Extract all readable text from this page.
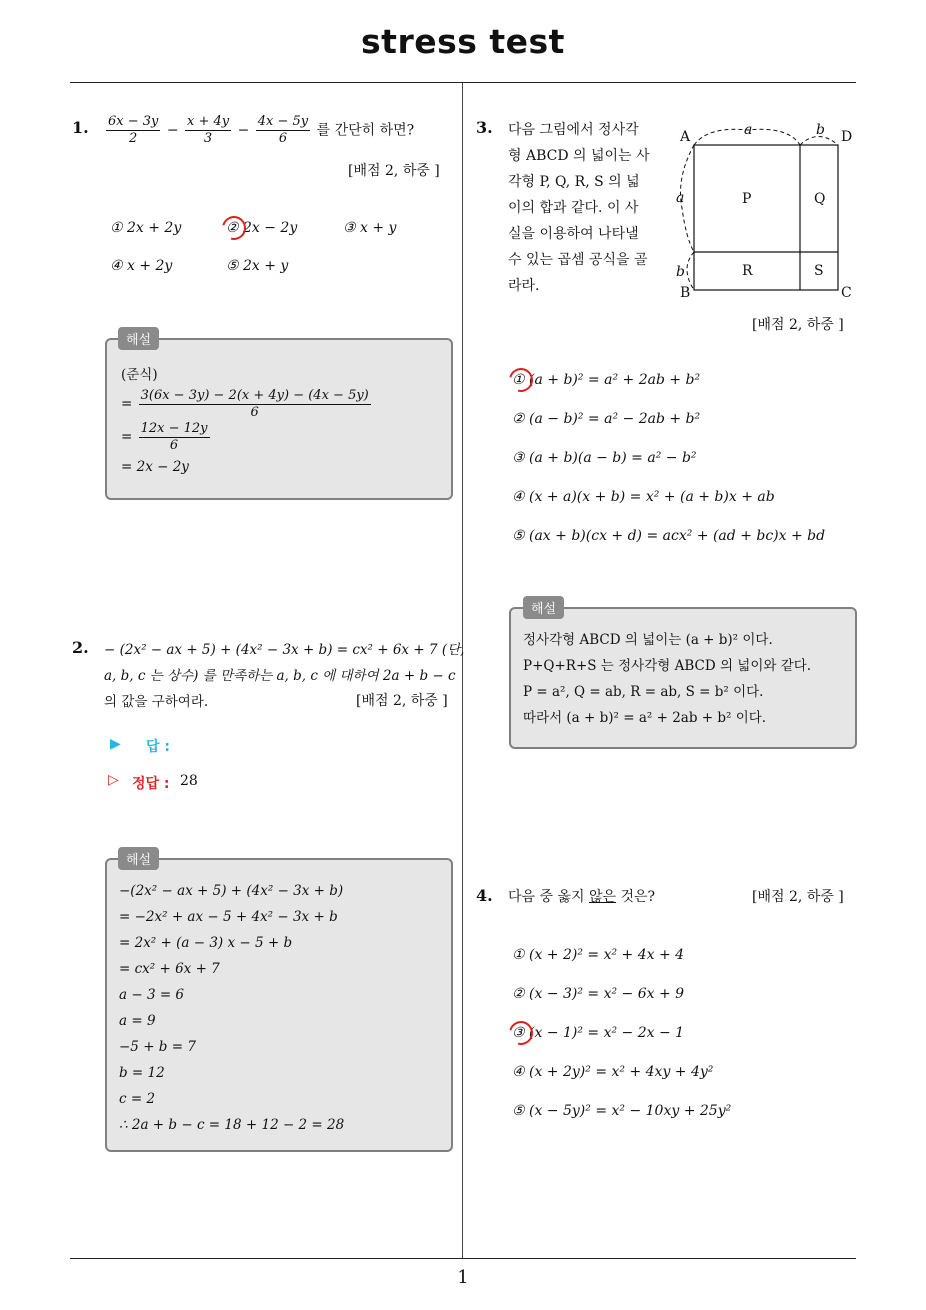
stress test
1
1. $\frac{6x - 3y}{2} - \frac{x + 4y}{3} - \frac{4x - 5y}{6}$ 를 간단히 하면?
[배점 2, 하중 ]
① 2x + 2y	② 2x − 2y	③ x + y
④ x + 2y	⑤ 2x + y
(준식)
= $\frac{3(6x - 3y) - 2(x + 4y) - (4x - 5y)}{6}$
= $\frac{12x - 12y}{6}$
= 2x − 2y
해설
2. − (2x² − ax + 5) + (4x² − 3x + b) = cx² + 6x + 7 (단,
a, b, c 는 상수) 를 만족하는 a, b, c 에 대하여 2a + b − c
의 값을 구하여라.	[배점 2, 하중 ]
▶ 답 :
▷ 정답 : 28
−(2x² − ax + 5) + (4x² − 3x + b)
= −2x² + ax − 5 + 4x² − 3x + b
= 2x² + (a − 3) x − 5 + b
= cx² + 6x + 7
a − 3 = 6
a = 9
−5 + b = 7
b = 12
c = 2
∴ 2a + b − c = 18 + 12 − 2 = 28
해설
3. 다음 그림에서 정사각
형 ABCD 의 넓이는 사
각형 P, Q, R, S 의 넓
이의 합과 같다. 이 사
실을 이용하여 나타낼
수 있는 곱셈 공식을 골
라라.
A	D
B	C
a	b
a
b
P	Q
R	S
[배점 2, 하중 ]
① (a + b)² = a² + 2ab + b²
② (a − b)² = a² − 2ab + b²
③ (a + b)(a − b) = a² − b²
④ (x + a)(x + b) = x² + (a + b)x + ab
⑤ (ax + b)(cx + d) = acx² + (ad + bc)x + bd
정사각형 ABCD 의 넓이는 (a + b)² 이다.
P+Q+R+S 는 정사각형 ABCD 의 넓이와 같다.
P = a², Q = ab, R = ab, S = b² 이다.
따라서 (a + b)² = a² + 2ab + b² 이다.
해설
4. 다음 중 옳지 않은 것은?	[배점 2, 하중 ]
① (x + 2)² = x² + 4x + 4
② (x − 3)² = x² − 6x + 9
③ (x − 1)² = x² − 2x − 1
④ (x + 2y)² = x² + 4xy + 4y²
⑤ (x − 5y)² = x² − 10xy + 25y²
